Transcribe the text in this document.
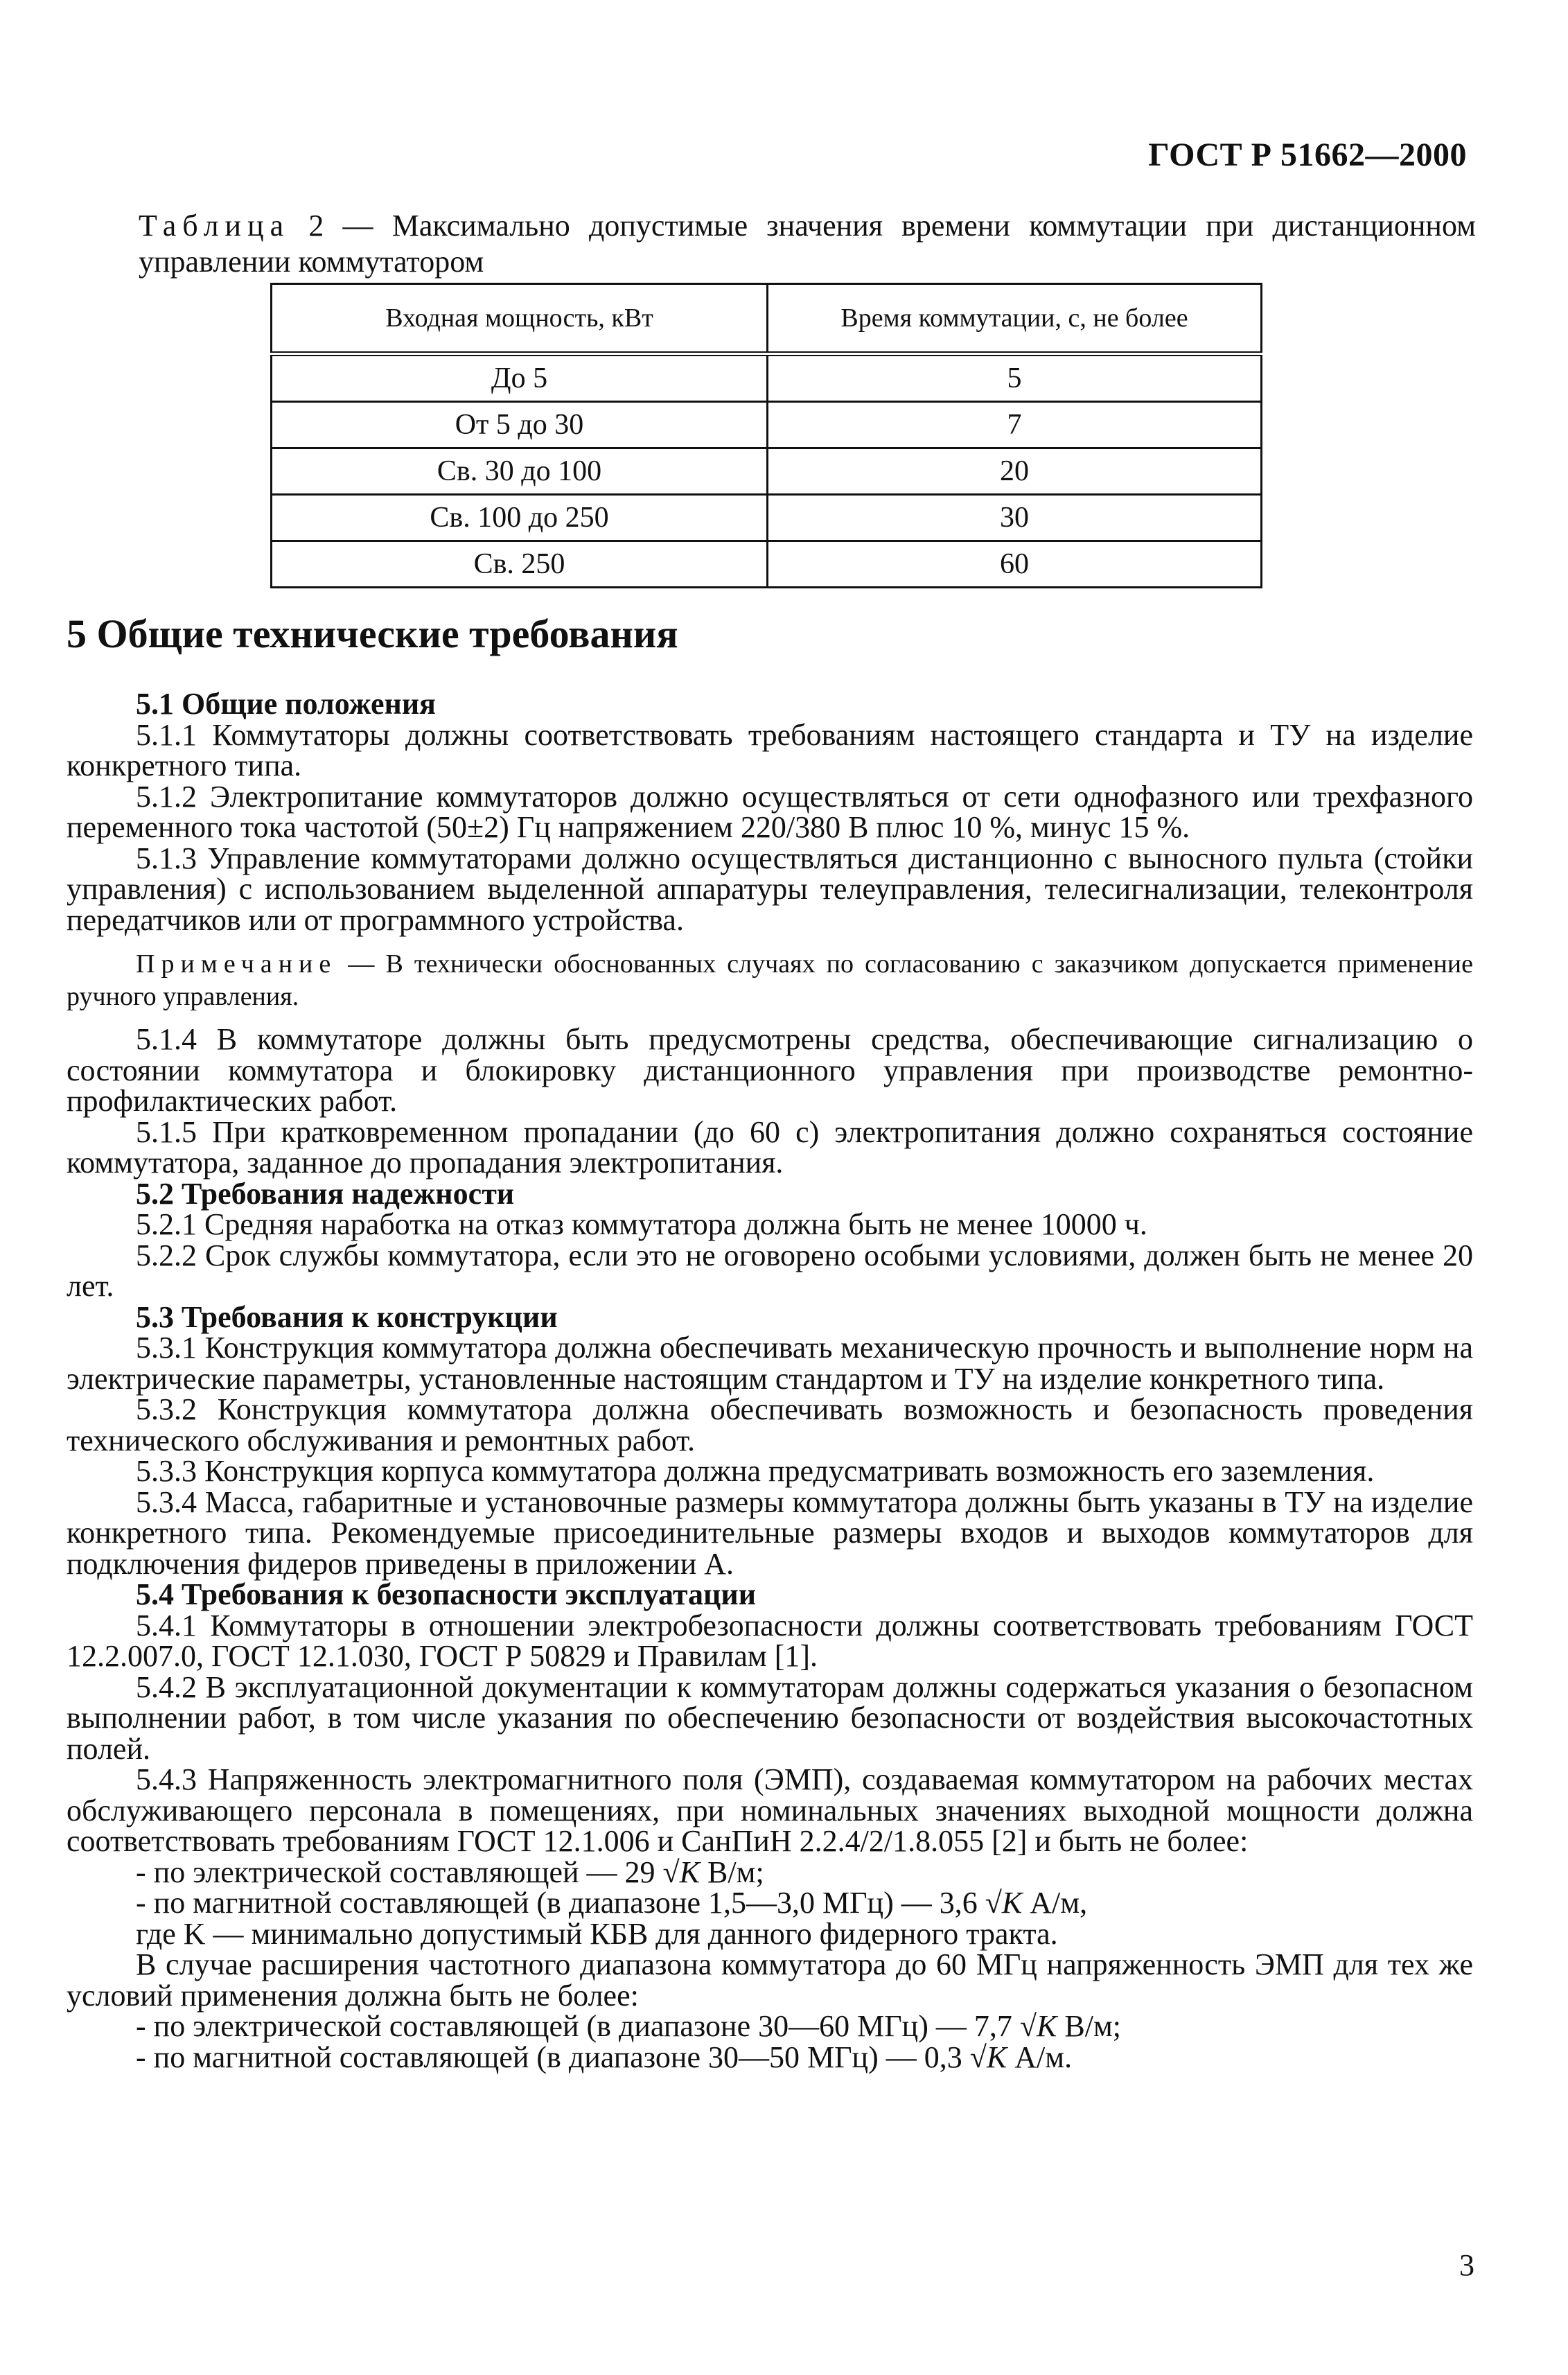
ГОСТ Р 51662—2000
Таблица 2 — Максимально допустимые значения времени коммутации при дистанционном управлении коммутатором
Входная мощность, кВт	Время коммутации, с, не более
До 5	5
От 5 до 30	7
Св. 30 до 100	20
Св. 100 до 250	30
Св. 250	60
5 Общие технические требования

5.1 Общие положения

5.1.1 Коммутаторы должны соответствовать требованиям настоящего стандарта и ТУ на изделие конкретного типа.

5.1.2 Электропитание коммутаторов должно осуществляться от сети однофазного или трехфазного переменного тока частотой (50±2) Гц напряжением 220/380 В плюс 10 %, минус 15 %.

5.1.3 Управление коммутаторами должно осуществляться дистанционно с выносного пульта (стойки управления) с использованием выделенной аппаратуры телеуправления, телесигнализации, телеконтроля передатчиков или от программного устройства.

Примечание — В технически обоснованных случаях по согласованию с заказчиком допускается применение ручного управления.

5.1.4 В коммутаторе должны быть предусмотрены средства, обеспечивающие сигнализацию о состоянии коммутатора и блокировку дистанционного управления при производстве ремонтно-профилактических работ.

5.1.5 При кратковременном пропадании (до 60 с) электропитания должно сохраняться состояние коммутатора, заданное до пропадания электропитания.

5.2 Требования надежности

5.2.1 Средняя наработка на отказ коммутатора должна быть не менее 10000 ч.

5.2.2 Срок службы коммутатора, если это не оговорено особыми условиями, должен быть не менее 20 лет.

5.3 Требования к конструкции

5.3.1 Конструкция коммутатора должна обеспечивать механическую прочность и выполнение норм на электрические параметры, установленные настоящим стандартом и ТУ на изделие конкретного типа.

5.3.2 Конструкция коммутатора должна обеспечивать возможность и безопасность проведения технического обслуживания и ремонтных работ.

5.3.3 Конструкция корпуса коммутатора должна предусматривать возможность его заземления.

5.3.4 Масса, габаритные и установочные размеры коммутатора должны быть указаны в ТУ на изделие конкретного типа. Рекомендуемые присоединительные размеры входов и выходов коммутаторов для подключения фидеров приведены в приложении А.

5.4 Требования к безопасности эксплуатации

5.4.1 Коммутаторы в отношении электробезопасности должны соответствовать требованиям ГОСТ 12.2.007.0, ГОСТ 12.1.030, ГОСТ Р 50829 и Правилам [1].

5.4.2 В эксплуатационной документации к коммутаторам должны содержаться указания о безопасном выполнении работ, в том числе указания по обеспечению безопасности от воздействия высокочастотных полей.

5.4.3 Напряженность электромагнитного поля (ЭМП), создаваемая коммутатором на рабочих местах обслуживающего персонала в помещениях, при номинальных значениях выходной мощности должна соответствовать требованиям ГОСТ 12.1.006 и СанПиН 2.2.4/2/1.8.055 [2] и быть не более:

- по электрической составляющей — 29 √K В/м;

- по магнитной составляющей (в диапазоне 1,5—3,0 МГц) — 3,6 √K А/м,

где K — минимально допустимый КБВ для данного фидерного тракта.

В случае расширения частотного диапазона коммутатора до 60 МГц напряженность ЭМП для тех же условий применения должна быть не более:

- по электрической составляющей (в диапазоне 30—60 МГц) — 7,7 √K В/м;

- по магнитной составляющей (в диапазоне 30—50 МГц) — 0,3 √K А/м.

3
